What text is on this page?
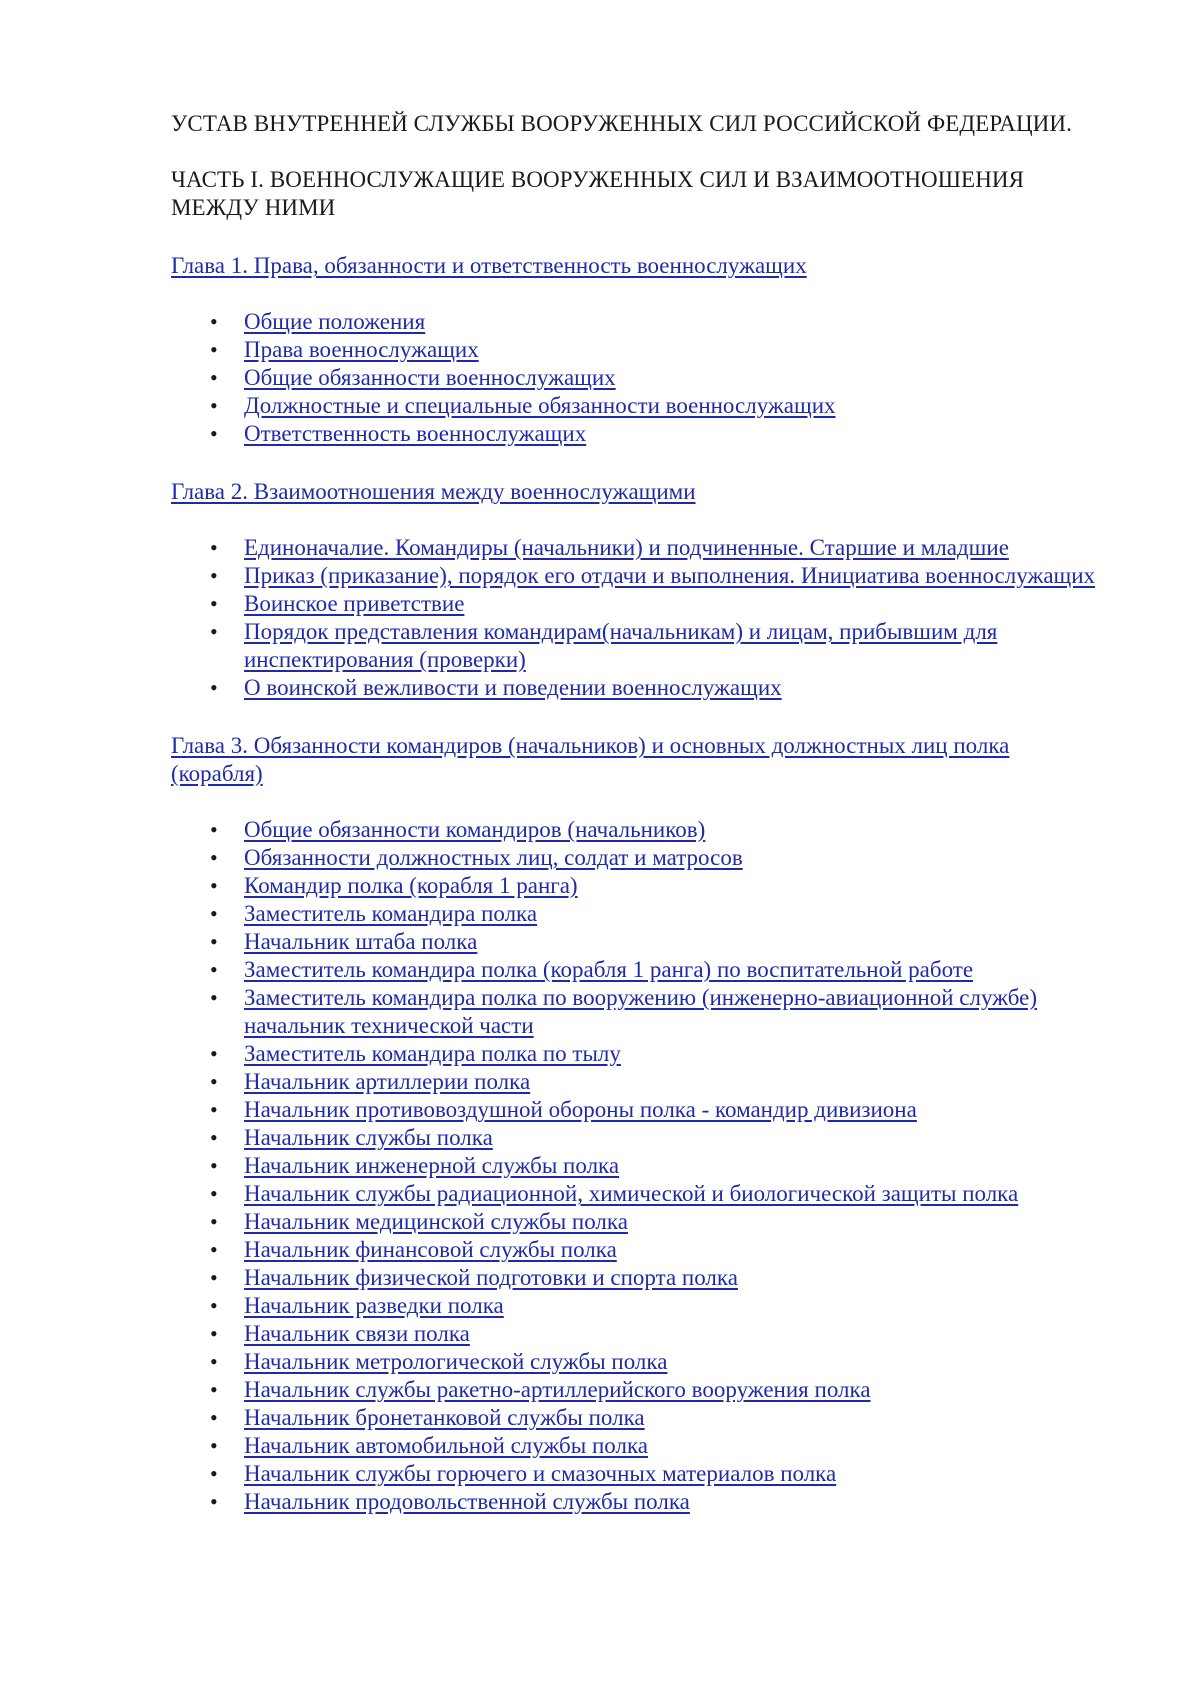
УСТАВ ВНУТРЕННЕЙ СЛУЖБЫ ВООРУЖЕННЫХ СИЛ РОССИЙСКОЙ ФЕДЕРАЦИИ.

ЧАСТЬ I. ВОЕННОСЛУЖАЩИЕ ВООРУЖЕННЫХ СИЛ И ВЗАИМООТНОШЕНИЯ МЕЖДУ НИМИ

Глава 1. Права, обязанности и ответственность военнослужащих
• Общие положения
• Права военнослужащих
• Общие обязанности военнослужащих
• Должностные и специальные обязанности военнослужащих
• Ответственность военнослужащих
Глава 2. Взаимоотношения между военнослужащими
• Единоначалие. Командиры (начальники) и подчиненные. Старшие и младшие
• Приказ (приказание), порядок его отдачи и выполнения. Инициатива военнослужащих
• Воинское приветствие
• Порядок представления командирам(начальникам) и лицам, прибывшим для инспектирования (проверки)
• О воинской вежливости и поведении военнослужащих
Глава 3. Обязанности командиров (начальников) и основных должностных лиц полка (корабля)
• Общие обязанности командиров (начальников)
• Обязанности должностных лиц, солдат и матросов
• Командир полка (корабля 1 ранга)
• Заместитель командира полка
• Начальник штаба полка
• Заместитель командира полка (корабля 1 ранга) по воспитательной работе
• Заместитель командира полка по вооружению (инженерно-авиационной службе) начальник технической части
• Заместитель командира полка по тылу
• Начальник артиллерии полка
• Начальник противовоздушной обороны полка - командир дивизиона
• Начальник службы полка
• Начальник инженерной службы полка
• Начальник службы радиационной, химической и биологической защиты полка
• Начальник медицинской службы полка
• Начальник финансовой службы полка
• Начальник физической подготовки и спорта полка
• Начальник разведки полка
• Начальник связи полка
• Начальник метрологической службы полка
• Начальник службы ракетно-артиллерийского вооружения полка
• Начальник бронетанковой службы полка
• Начальник автомобильной службы полка
• Начальник службы горючего и смазочных материалов полка
• Начальник продовольственной службы полка
